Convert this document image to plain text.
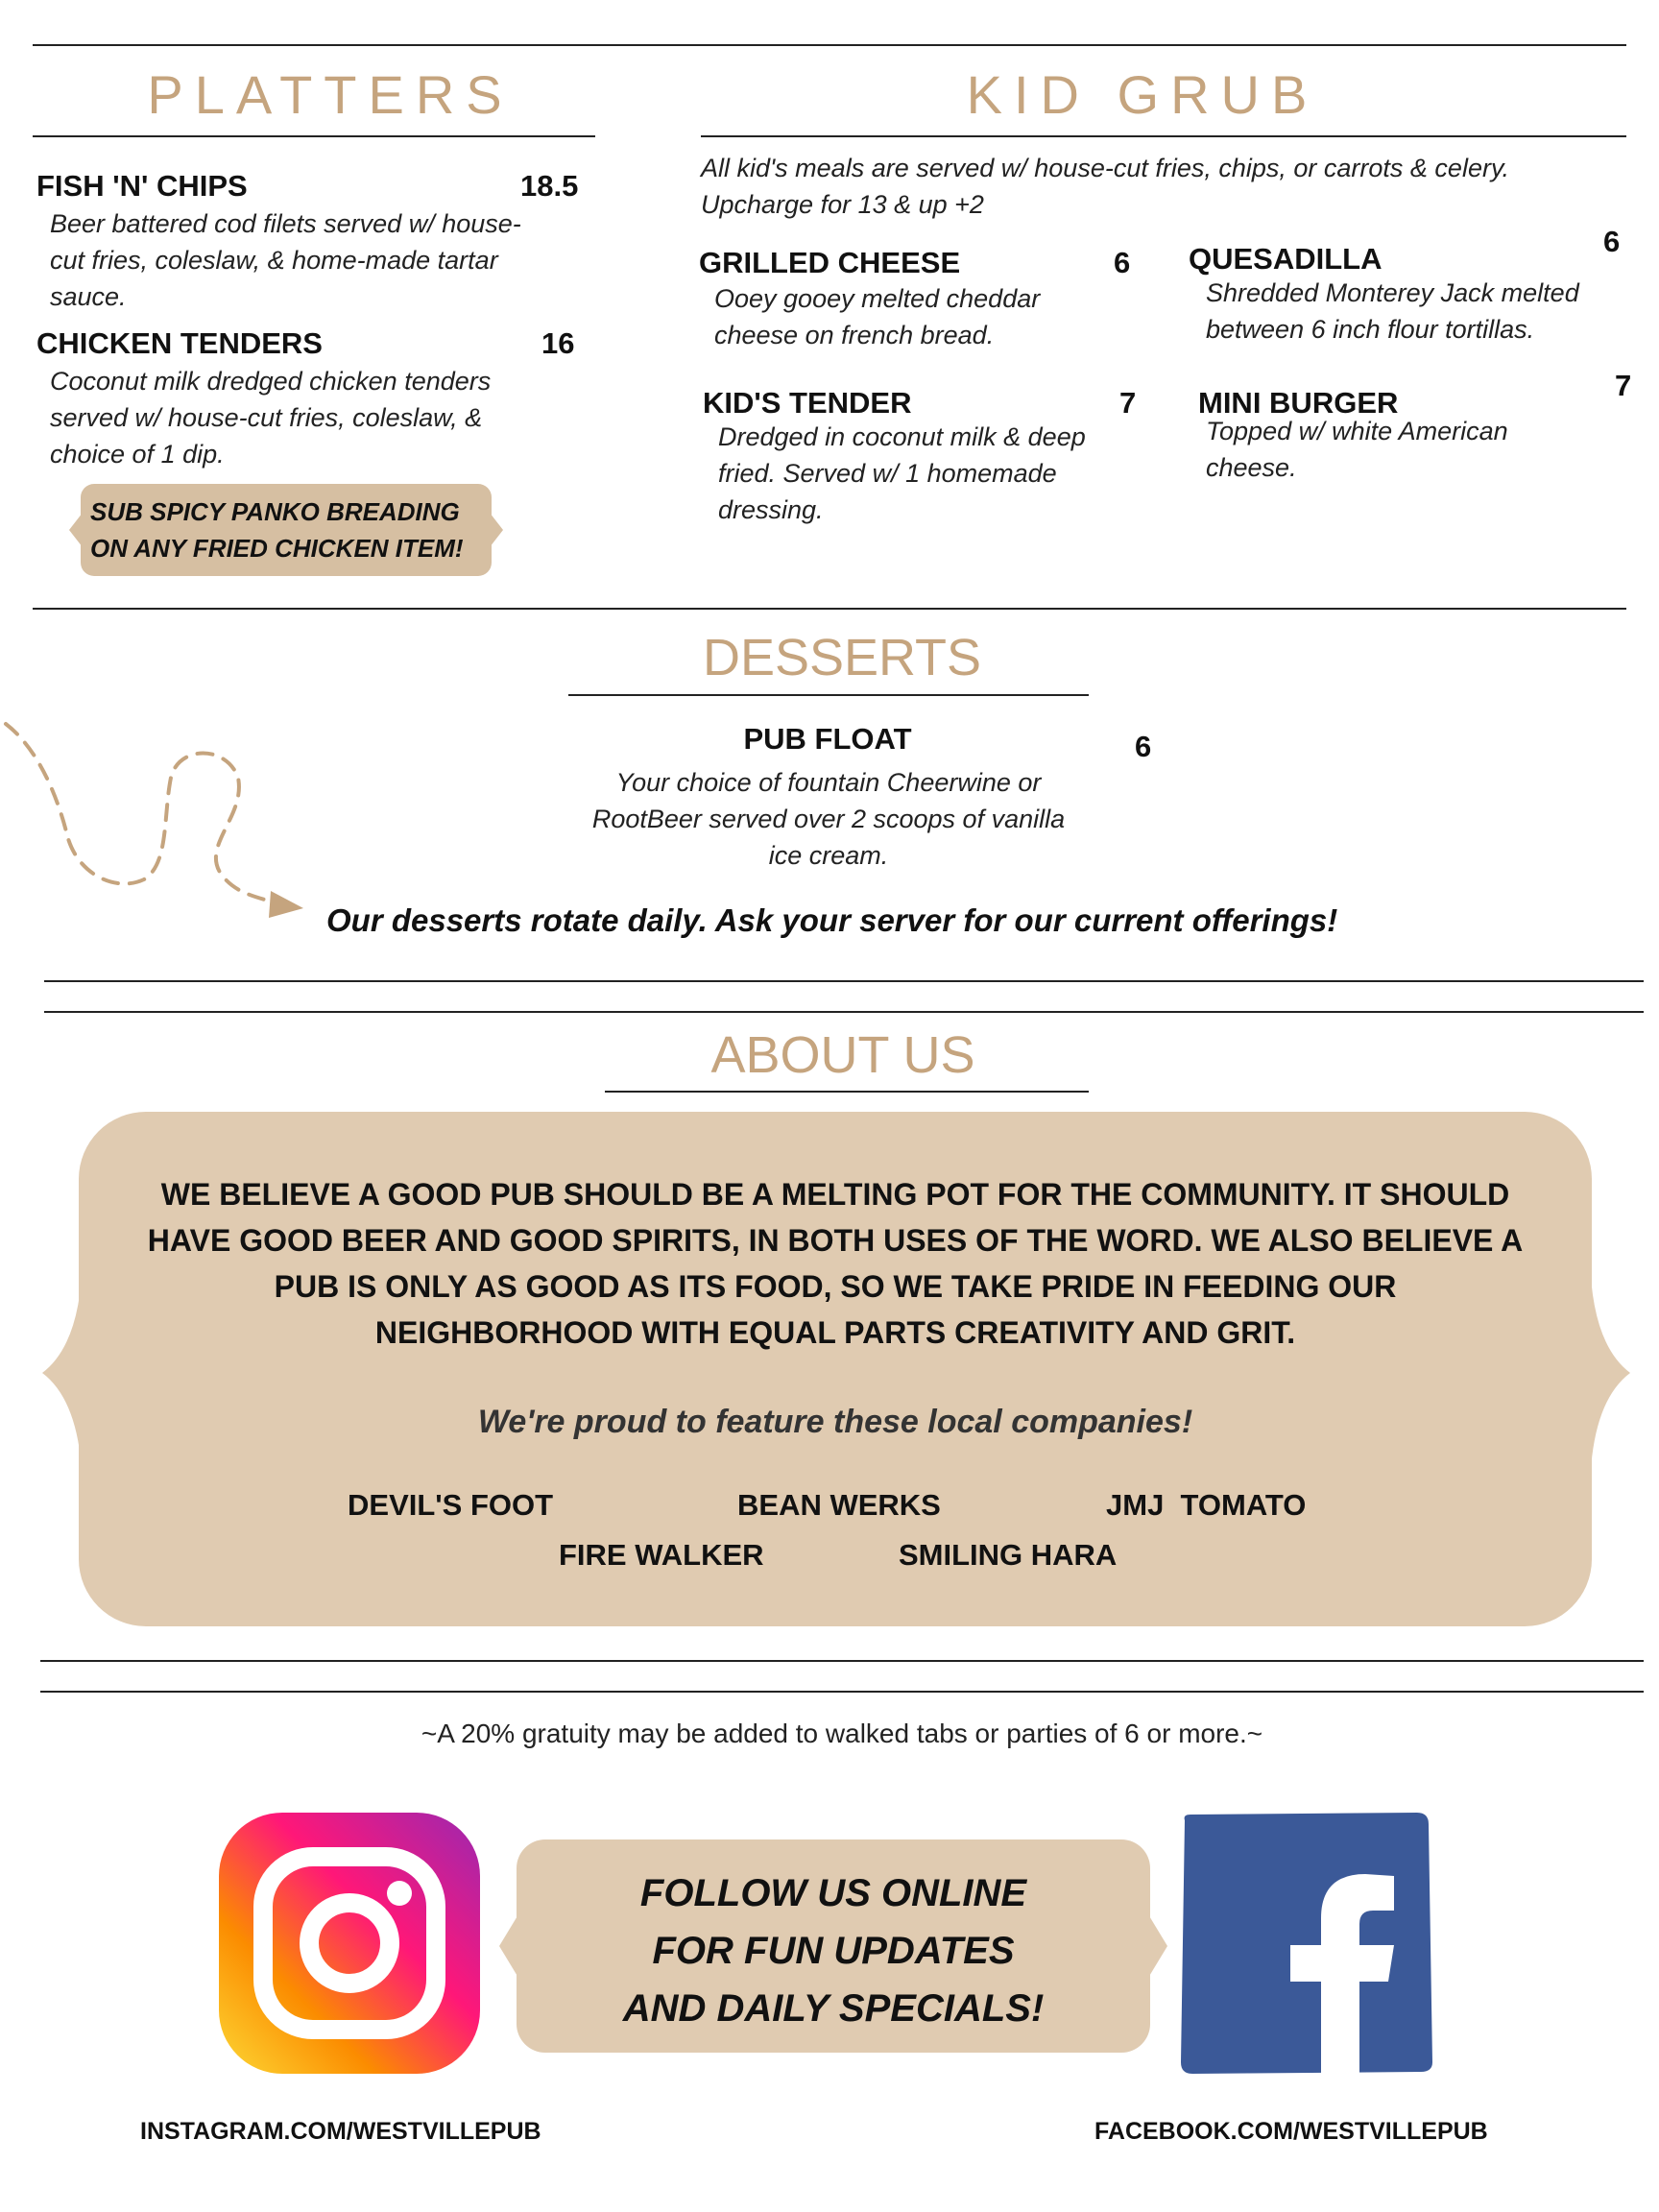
PLATTERS
FISH 'N' CHIPS	18.5
Beer battered cod filets served w/ house-cut fries, coleslaw, & home-made tartar sauce.
CHICKEN TENDERS	16
Coconut milk dredged chicken tenders served w/ house-cut fries, coleslaw, & choice of 1 dip.
SUB SPICY PANKO BREADING ON ANY FRIED CHICKEN ITEM!
KID GRUB
All kid's meals are served w/ house-cut fries, chips, or carrots & celery. Upcharge for 13 & up +2
GRILLED CHEESE	6
Ooey gooey melted cheddar cheese on french bread.
QUESADILLA
6
Shredded Monterey Jack melted between 6 inch flour tortillas.
KID'S TENDER	7
Dredged in coconut milk & deep fried. Served w/ 1 homemade dressing.
MINI BURGER
7
Topped w/ white American cheese.
DESSERTS
PUB FLOAT	6
Your choice of fountain Cheerwine or RootBeer served over 2 scoops of vanilla ice cream.
Our desserts rotate daily. Ask your server for our current offerings!
ABOUT US
WE BELIEVE A GOOD PUB SHOULD BE A MELTING POT FOR THE COMMUNITY. IT SHOULD HAVE GOOD BEER AND GOOD SPIRITS, IN BOTH USES OF THE WORD. WE ALSO BELIEVE A PUB IS ONLY AS GOOD AS ITS FOOD, SO WE TAKE PRIDE IN FEEDING OUR NEIGHBORHOOD WITH EQUAL PARTS CREATIVITY AND GRIT.
We're proud to feature these local companies!
DEVIL'S FOOT	BEAN WERKS	JMJ  TOMATO
FIRE WALKER	SMILING HARA
~A 20% gratuity may be added to walked tabs or parties of 6 or more.~
FOLLOW US ONLINE
FOR FUN UPDATES
AND DAILY SPECIALS!
INSTAGRAM.COM/WESTVILLEPUB	FACEBOOK.COM/WESTVILLEPUB
